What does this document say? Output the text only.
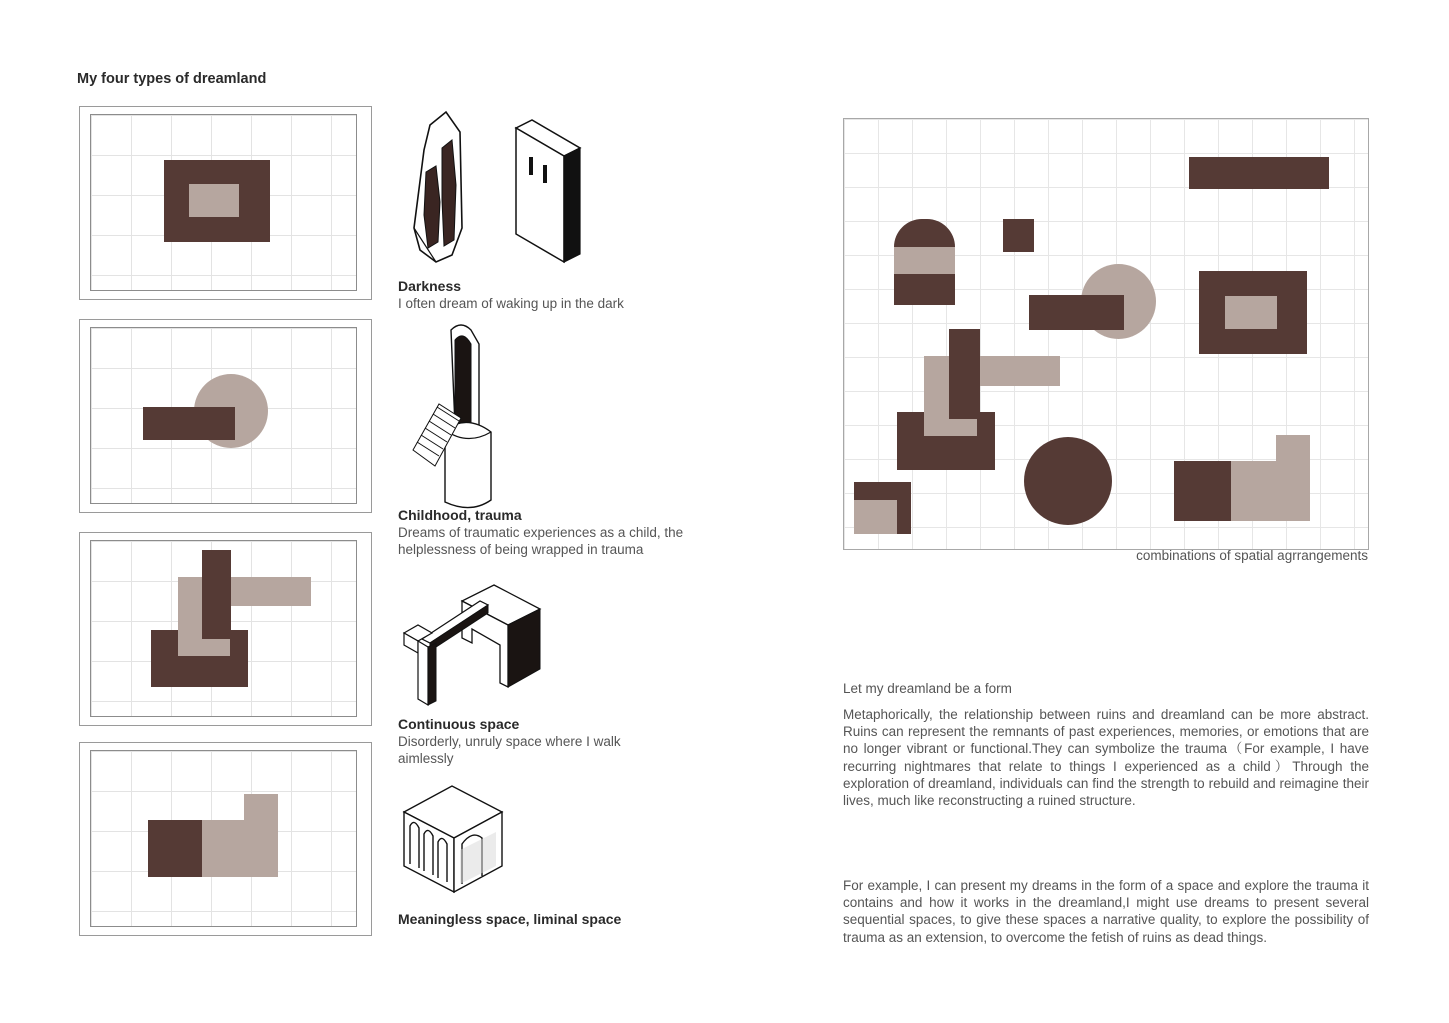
My four types of dreamland
Darkness
I often dream of waking up in the dark
Childhood, trauma
Dreams of traumatic experiences as a child, the helplessness of being wrapped in trauma
Continuous space
Disorderly, unruly space where I walk aimlessly
Meaningless space, liminal space
combinations of spatial agrrangements
Let my dreamland be a form
Metaphorically, the relationship between ruins and dreamland can be more abstract. Ruins can represent the remnants of past experiences, memories, or emotions that are no longer vibrant or functional.They can symbolize the trauma（For example, I have recurring nightmares that relate to things I experienced as a child）Through the exploration of dreamland, individuals can find the strength to rebuild and reimagine their lives, much like reconstructing a ruined structure.
For example, I can present my dreams in the form of a space and explore the trauma it contains and how it works in the dreamland,I might use dreams to present several sequential spaces, to give these spaces a narrative quality, to explore the possibility of trauma as an extension, to overcome the fetish of ruins as dead things.
